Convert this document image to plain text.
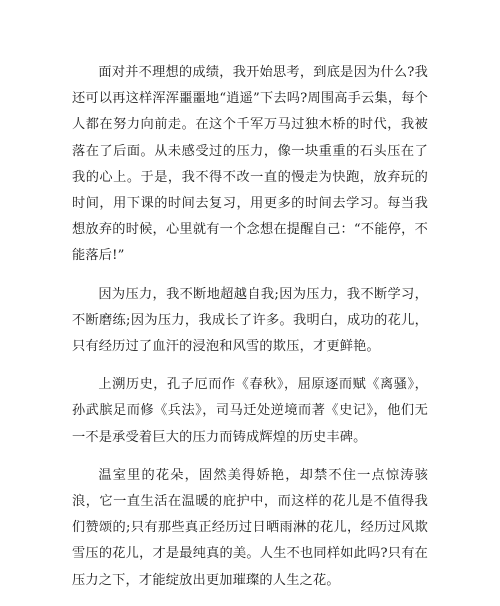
面对并不理想的成绩，我开始思考，到底是因为什么?我还可以再这样浑浑噩噩地“逍遥”下去吗?周围高手云集，每个人都在努力向前走。在这个千军万马过独木桥的时代，我被落在了后面。从未感受过的压力，像一块重重的石头压在了我的心上。于是，我不得不改一直的慢走为快跑，放弃玩的时间，用下课的时间去复习，用更多的时间去学习。每当我想放弃的时候，心里就有一个念想在提醒自己：“不能停，不能落后!”

因为压力，我不断地超越自我;因为压力，我不断学习，不断磨练;因为压力，我成长了许多。我明白，成功的花儿，只有经历过了血汗的浸泡和风雪的欺压，才更鲜艳。

上溯历史，孔子厄而作《春秋》，屈原逐而赋《离骚》，孙武膑足而修《兵法》，司马迁处逆境而著《史记》，他们无一不是承受着巨大的压力而铸成辉煌的历史丰碑。

温室里的花朵，固然美得娇艳，却禁不住一点惊涛骇浪，它一直生活在温暖的庇护中，而这样的花儿是不值得我们赞颂的;只有那些真正经历过日晒雨淋的花儿，经历过风欺雪压的花儿，才是最纯真的美。人生不也同样如此吗?只有在压力之下，才能绽放出更加璀璨的人生之花。
